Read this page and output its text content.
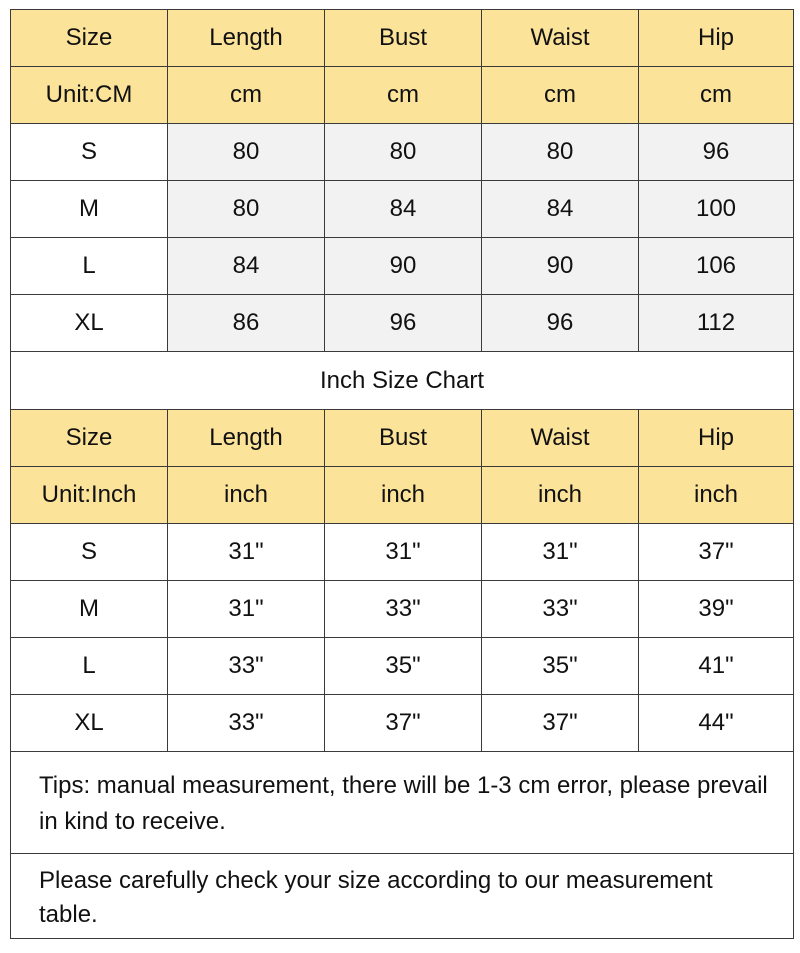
Size	Length	Bust	Waist	Hip
Unit:CM	cm	cm	cm	cm
S	80	80	80	96
M	80	84	84	100
L	84	90	90	106
XL	86	96	96	112
Inch Size Chart
Size	Length	Bust	Waist	Hip
Unit:Inch	inch	inch	inch	inch
S	31"	31"	31"	37"
M	31"	33"	33"	39"
L	33"	35"	35"	41"
XL	33"	37"	37"	44"
Tips: manual measurement, there will be 1-3 cm error, please prevail in kind to receive.
Please carefully check your size according to our measurement table.
